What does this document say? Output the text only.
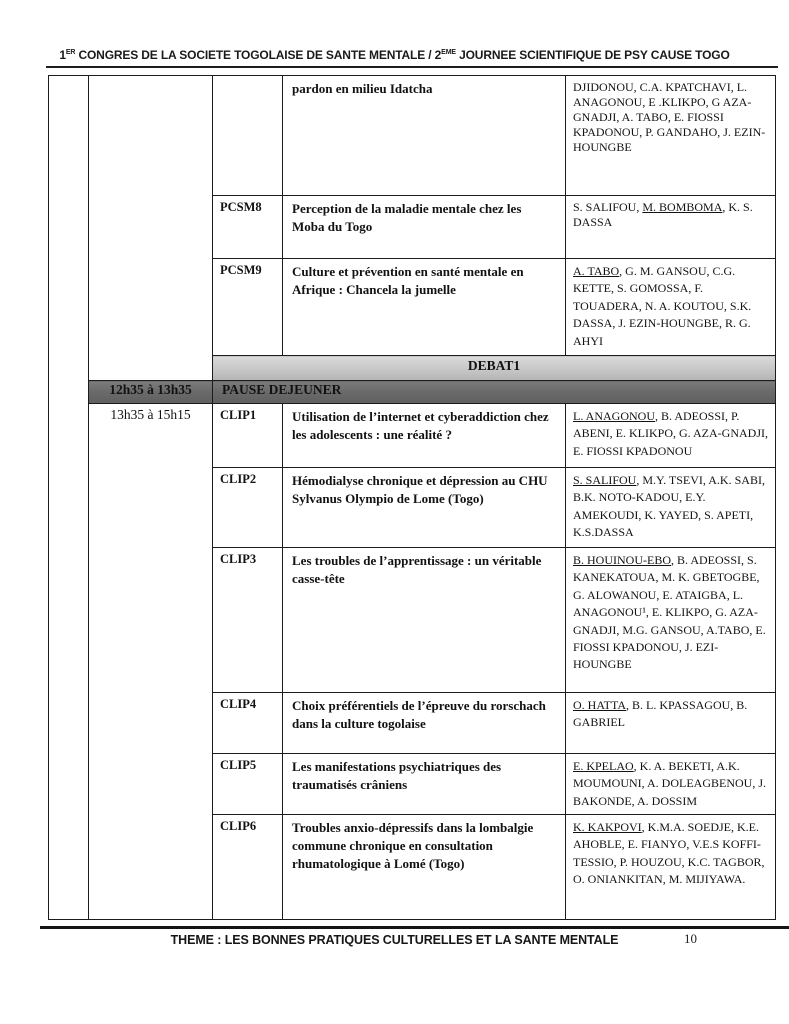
1ER CONGRES DE LA SOCIETE TOGOLAISE DE SANTE MENTALE / 2EME JOURNEE SCIENTIFIQUE DE PSY CAUSE TOGO
			pardon en milieu Idatcha	DJIDONOU, C.A. KPATCHAVI, L. ANAGONOU, E .KLIKPO, G AZA-GNADJI, A. TABO, E. FIOSSI KPADONOU, P. GANDAHO, J. EZIN-HOUNGBE
		PCSM8	Perception de la maladie mentale chez les Moba du Togo	S. SALIFOU, M. BOMBOMA, K. S. DASSA
		PCSM9	Culture et prévention en santé mentale en Afrique : Chancela la jumelle	A. TABO, G. M. GANSOU, C.G. KETTE, S. GOMOSSA, F. TOUADERA, N. A. KOUTOU, S.K. DASSA, J. EZIN-HOUNGBE, R. G. AHYI
		DEBAT1		
	12h35 à 13h35	PAUSE DEJEUNER		
	13h35 à 15h15	CLIP1	Utilisation de l’internet et cyberaddiction chez les adolescents : une réalité ?	L. ANAGONOU, B. ADEOSSI, P. ABENI, E. KLIKPO, G. AZA-GNADJI, E. FIOSSI KPADONOU
		CLIP2	Hémodialyse chronique et dépression au CHU Sylvanus Olympio de Lome (Togo)	S. SALIFOU, M.Y. TSEVI, A.K. SABI, B.K. NOTO-KADOU, E.Y. AMEKOUDI, K. YAYED, S. APETI, K.S.DASSA
		CLIP3	Les troubles de l’apprentissage : un véritable casse-tête	B. HOUINOU-EBO, B. ADEOSSI, S. KANEKATOUA, M. K. GBETOGBE, G. ALOWANOU, E. ATAIGBA, L. ANAGONOU¹, E. KLIKPO, G. AZA-GNADJI, M.G. GANSOU, A.TABO, E. FIOSSI KPADONOU, J. EZI- HOUNGBE
		CLIP4	Choix préférentiels de l’épreuve du rorschach dans la culture togolaise	O. HATTA, B. L. KPASSAGOU, B. GABRIEL
		CLIP5	Les manifestations psychiatriques des traumatisés crâniens	E. KPELAO, K. A. BEKETI, A.K. MOUMOUNI, A. DOLEAGBENOU, J. BAKONDE, A. DOSSIM
		CLIP6	Troubles anxio-dépressifs dans la lombalgie commune chronique en consultation rhumatologique à Lomé (Togo)	K. KAKPOVI, K.M.A. SOEDJE, K.E. AHOBLE, E. FIANYO, V.E.S KOFFI-TESSIO, P. HOUZOU, K.C. TAGBOR, O. ONIANKITAN, M. MIJIYAWA.
THEME : LES BONNES PRATIQUES CULTURELLES ET LA SANTE MENTALE	10
